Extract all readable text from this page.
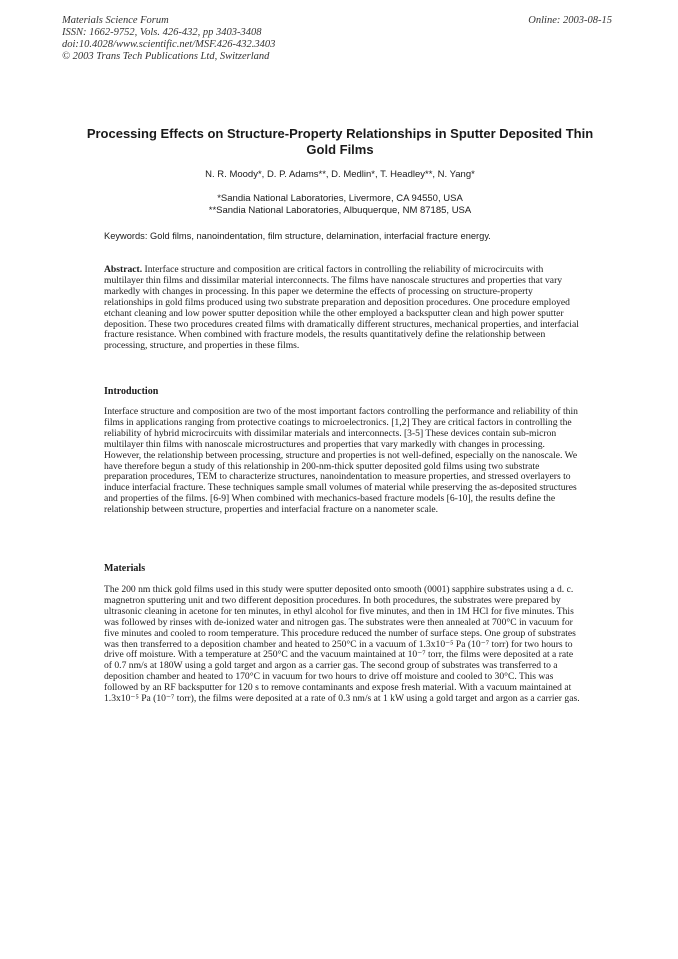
Materials Science Forum
ISSN: 1662-9752, Vols. 426-432, pp 3403-3408
doi:10.4028/www.scientific.net/MSF.426-432.3403
© 2003 Trans Tech Publications Ltd, Switzerland
Online: 2003-08-15
Processing Effects on Structure-Property Relationships in Sputter Deposited Thin Gold Films
N. R. Moody*, D. P. Adams**, D. Medlin*, T. Headley**, N. Yang*
*Sandia National Laboratories, Livermore, CA 94550, USA
**Sandia National Laboratories, Albuquerque, NM 87185, USA
Keywords: Gold films, nanoindentation, film structure, delamination, interfacial fracture energy.
Abstract. Interface structure and composition are critical factors in controlling the reliability of microcircuits with multilayer thin films and dissimilar material interconnects. The films have nanoscale structures and properties that vary markedly with changes in processing. In this paper we determine the effects of processing on structure-property relationships in gold films produced using two substrate preparation and deposition procedures. One procedure employed etchant cleaning and low power sputter deposition while the other employed a backsputter clean and high power sputter deposition. These two procedures created films with dramatically different structures, mechanical properties, and interfacial fracture resistance. When combined with fracture models, the results quantitatively define the relationship between processing, structure, and properties in these films.
Introduction
Interface structure and composition are two of the most important factors controlling the performance and reliability of thin films in applications ranging from protective coatings to microelectronics. [1,2] They are critical factors in controlling the reliability of hybrid microcircuits with dissimilar materials and interconnects. [3-5] These devices contain sub-micron multilayer thin films with nanoscale microstructures and properties that vary markedly with changes in processing. However, the relationship between processing, structure and properties is not well-defined, especially on the nanoscale. We have therefore begun a study of this relationship in 200-nm-thick sputter deposited gold films using two substrate preparation procedures, TEM to characterize structures, nanoindentation to measure properties, and stressed overlayers to induce interfacial fracture. These techniques sample small volumes of material while preserving the as-deposited structures and properties of the films. [6-9] When combined with mechanics-based fracture models [6-10], the results define the relationship between structure, properties and interfacial fracture on a nanometer scale.
Materials
The 200 nm thick gold films used in this study were sputter deposited onto smooth (0001) sapphire substrates using a d. c. magnetron sputtering unit and two different deposition procedures. In both procedures, the substrates were prepared by ultrasonic cleaning in acetone for ten minutes, in ethyl alcohol for five minutes, and then in 1M HCl for five minutes. This was followed by rinses with de-ionized water and nitrogen gas. The substrates were then annealed at 700°C in vacuum for five minutes and cooled to room temperature. This procedure reduced the number of surface steps. One group of substrates was then transferred to a deposition chamber and heated to 250°C in a vacuum of 1.3x10⁻⁵ Pa (10⁻⁷ torr) for two hours to drive off moisture. With a temperature at 250°C and the vacuum maintained at 10⁻⁷ torr, the films were deposited at a rate of 0.7 nm/s at 180W using a gold target and argon as a carrier gas. The second group of substrates was transferred to a deposition chamber and heated to 170°C in vacuum for two hours to drive off moisture and cooled to 30°C. This was followed by an RF backsputter for 120 s to remove contaminants and expose fresh material. With a vacuum maintained at 1.3x10⁻⁵ Pa (10⁻⁷ torr), the films were deposited at a rate of 0.3 nm/s at 1 kW using a gold target and argon as a carrier gas.
